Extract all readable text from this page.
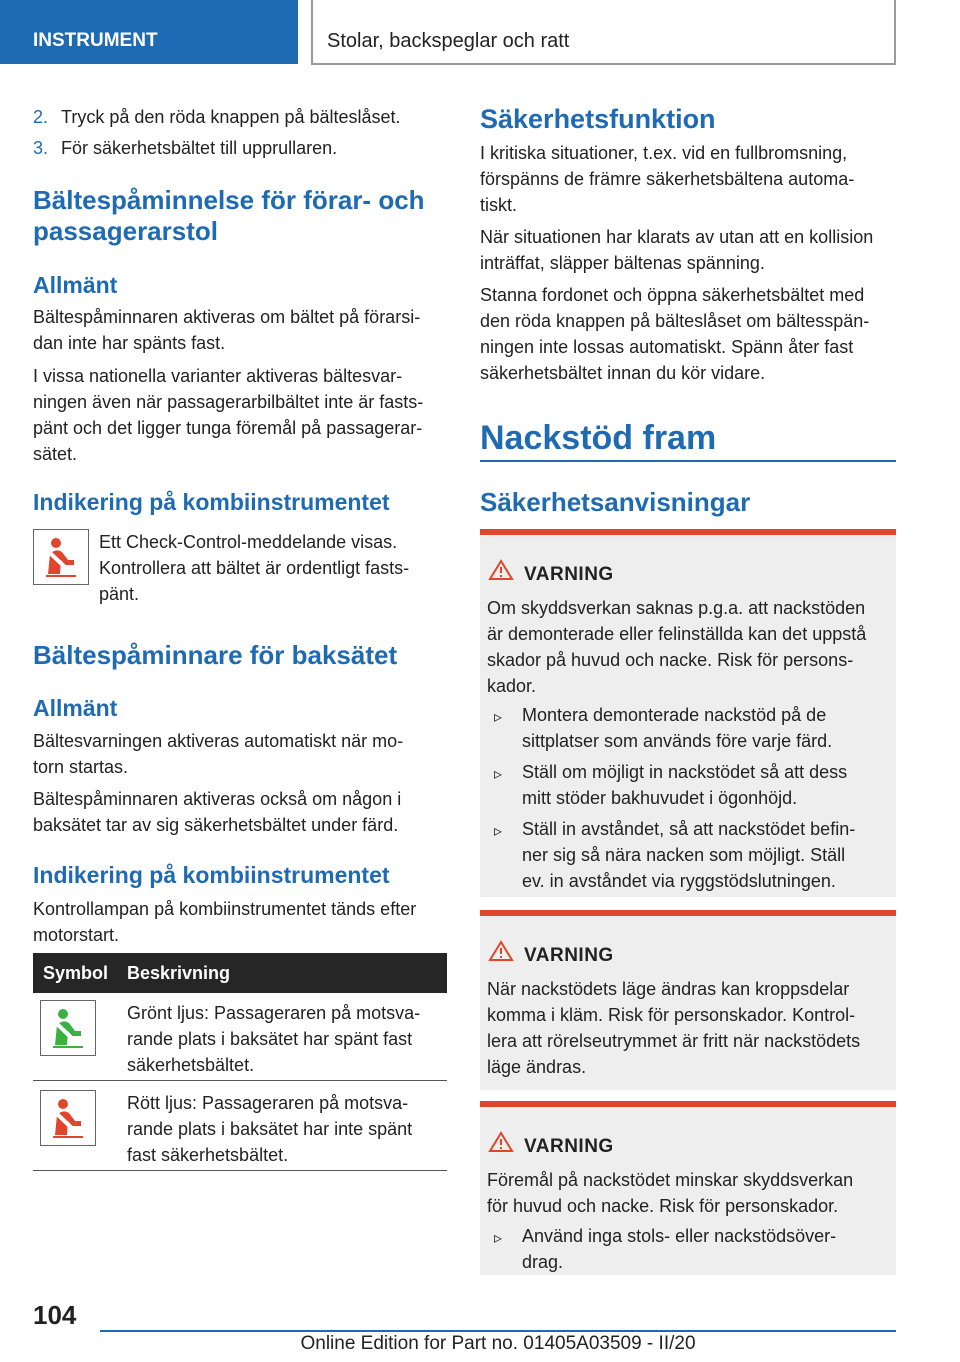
INSTRUMENT	Stolar, backspeglar och ratt
2. Tryck på den röda knappen på bälteslåset.
3. För säkerhetsbältet till upprullaren.
Bältespåminnelse för förar- och
passagerarstol
Allmänt
Bältespåminnaren aktiveras om bältet på förarsi-
dan inte har spänts fast.
I vissa nationella varianter aktiveras bältesvar-
ningen även när passagerarbilbältet inte är fasts-
pänt och det ligger tunga föremål på passagerar-
sätet.
Indikering på kombiinstrumentet
Ett Check-Control-meddelande visas.
Kontrollera att bältet är ordentligt fasts-
pänt.
Bältespåminnare för baksätet
Allmänt
Bältesvarningen aktiveras automatiskt när mo-
torn startas.
Bältespåminnaren aktiveras också om någon i
baksätet tar av sig säkerhetsbältet under färd.
Indikering på kombiinstrumentet
Kontrollampan på kombiinstrumentet tänds efter
motorstart.
Symbol Beskrivning
Grönt ljus: Passageraren på motsva-
rande plats i baksätet har spänt fast
säkerhetsbältet.
Rött ljus: Passageraren på motsva-
rande plats i baksätet har inte spänt
fast säkerhetsbältet.
Säkerhetsfunktion
I kritiska situationer, t.ex. vid en fullbromsning,
förspänns de främre säkerhetsbältena automa-
tiskt.
När situationen har klarats av utan att en kollision
inträffat, släpper bältenas spänning.
Stanna fordonet och öppna säkerhetsbältet med
den röda knappen på bälteslåset om bältesspän-
ningen inte lossas automatiskt. Spänn åter fast
säkerhetsbältet innan du kör vidare.
Nackstöd fram
Säkerhetsanvisningar
VARNING
Om skyddsverkan saknas p.g.a. att nackstöden
är demonterade eller felinställda kan det uppstå
skador på huvud och nacke. Risk för persons-
kador.
▹ Montera demonterade nackstöd på de
sittplatser som används före varje färd.
▹ Ställ om möjligt in nackstödet så att dess
mitt stöder bakhuvudet i ögonhöjd.
▹ Ställ in avståndet, så att nackstödet befin-
ner sig så nära nacken som möjligt. Ställ
ev. in avståndet via ryggstödslutningen.
VARNING
När nackstödets läge ändras kan kroppsdelar
komma i kläm. Risk för personskador. Kontrol-
lera att rörelseutrymmet är fritt när nackstödets
läge ändras.
VARNING
Föremål på nackstödet minskar skyddsverkan
för huvud och nacke. Risk för personskador.
▹ Använd inga stols- eller nackstödsöver-
drag.
104
Online Edition for Part no. 01405A03509 - II/20
